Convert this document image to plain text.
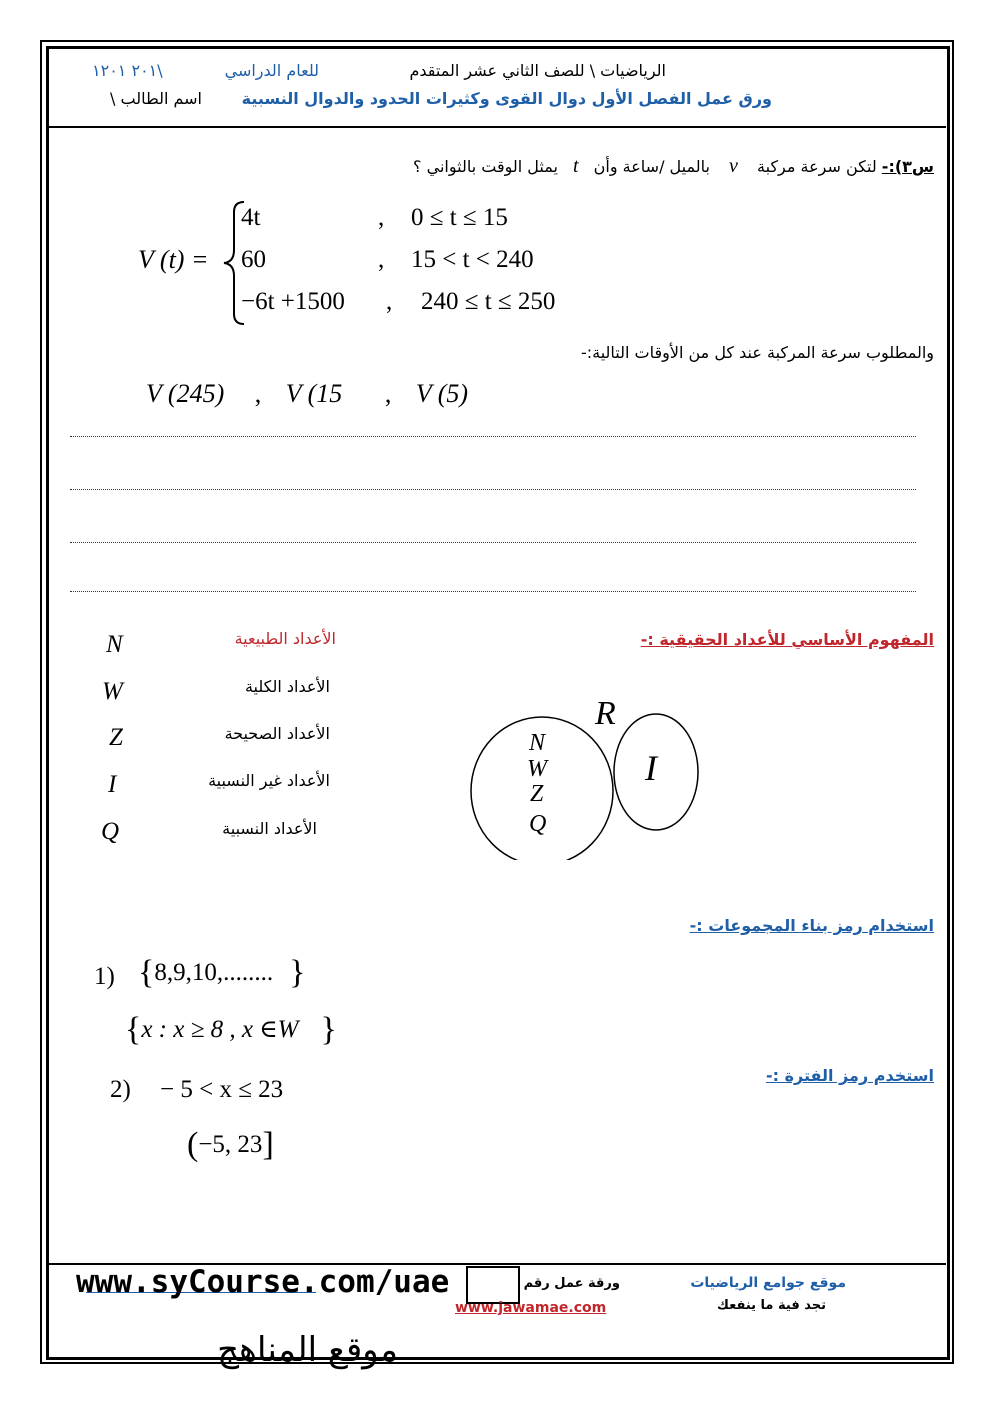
الرياضيات \ للصف الثاني عشر المتقدم
للعام الدراسي
٢٠١ ١٢٠١\
ورق عمل الفصل الأول دوال القوى وكثيرات الحدود والدوال النسبية
اسم الطالب \
س٣):- لتكن سرعة مركبة v بالميل /ساعة وأن t يمثل الوقت بالثواني ؟
V (t) =
4t	, 0 ≤ t ≤ 15
60	, 15 < t < 240
−6t +1500 , 240 ≤ t ≤ 250
والمطلوب سرعة المركبة عند كل من الأوقات التالية:-
V (245) , V (15 , V (5)
المفهوم الأساسي للأعداد الحقيقية :-
الأعداد الطبيعية
N
الأعداد الكلية
W
الأعداد الصحيحة
Z
الأعداد غير النسبية
I
الأعداد النسبية
Q
R
I
N
W
Z
Q
استخدام رمز بناء المجموعات :-
1) {8,9,10,........ }
{x : x ≥ 8 , x ∈W }
استخدم رمز الفترة :-
2) − 5 < x ≤ 23
(−5, 23]
www.syCourse.com/uae	ورقة عمل رقم
www.jawamae.com
موقع جوامع الرياضيات
تجد فية ما ينفعك
موقع المناهج
